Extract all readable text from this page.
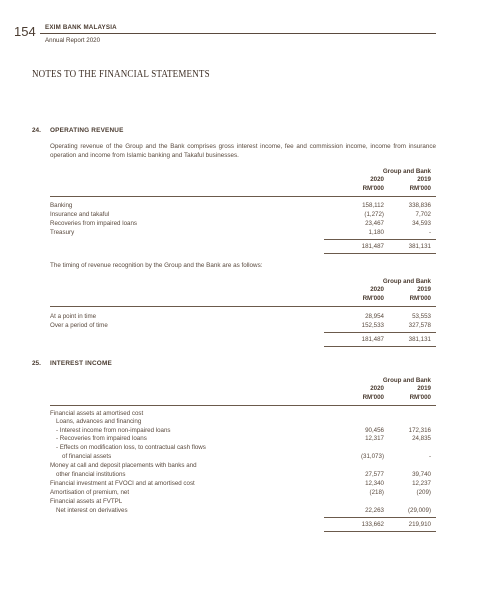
154 EXIM BANK MALAYSIA
Annual Report 2020
NOTES TO THE FINANCIAL STATEMENTS
24. OPERATING REVENUE
Operating revenue of the Group and the Bank comprises gross interest income, fee and commission income, income from insurance operation and income from Islamic banking and Takaful businesses.
Group and Bank
2020	2019
RM'000	RM'000
Banking	158,112	338,836
Insurance and takaful	(1,272)	7,702
Recoveries from impaired loans	23,467	34,593
Treasury	1,180	-
181,487	381,131
The timing of revenue recognition by the Group and the Bank are as follows:
Group and Bank
2020	2019
RM'000	RM'000
At a point in time	28,954	53,553
Over a period of time	152,533	327,578
181,487	381,131
25. INTEREST INCOME
Group and Bank
2020	2019
RM'000	RM'000
Financial assets at amortised cost
Loans, advances and financing
- Interest income from non-impaired loans	90,456	172,316
- Recoveries from impaired loans	12,317	24,835
- Effects on modification loss, to contractual cash flows
of financial assets	(31,073)	-
Money at call and deposit placements with banks and
other financial institutions	27,577	39,740
Financial investment at FVOCI and at amortised cost	12,340	12,237
Amortisation of premium, net	(218)	(209)
Financial assets at FVTPL
Net interest on derivatives	22,263	(29,009)
133,662	219,910
